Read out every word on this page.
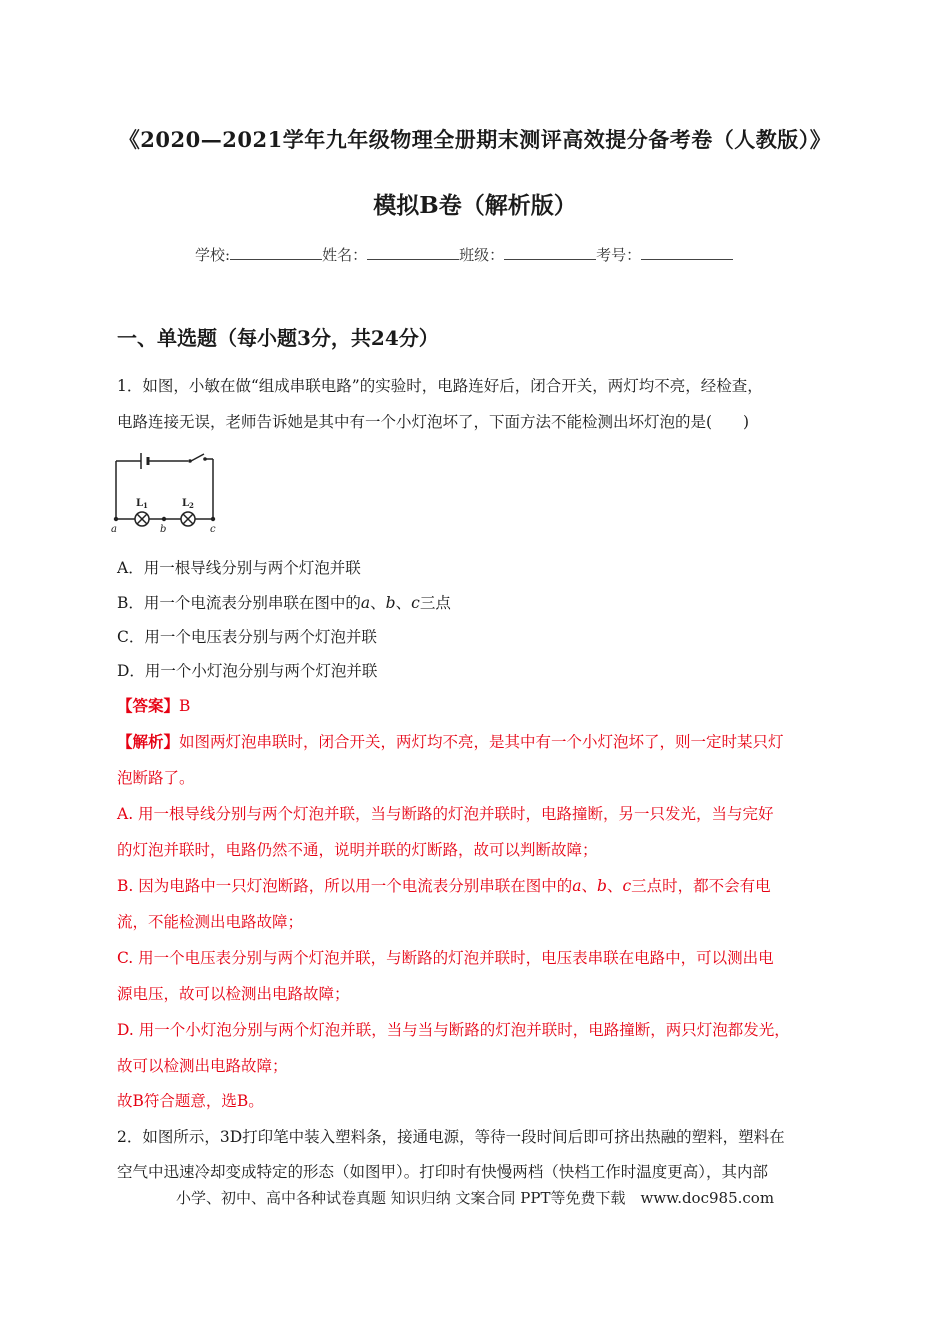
《2020—2021学年九年级物理全册期末测评高效提分备考卷（人教版）》
模拟B卷（解析版）
学校:	姓名：	班级：	考号：
一、单选题（每小题3分，共24分）
1．如图，小敏在做“组成串联电路”的实验时，电路连好后，闭合开关，两灯均不亮，经检查，
电路连接无误，老师告诉她是其中有一个小灯泡坏了，下面方法不能检测出坏灯泡的是(　　)
$L_1$	$L_2$
a	b	c
A．用一根导线分别与两个灯泡并联
B．用一个电流表分别串联在图中的a、b、c三点
C．用一个电压表分别与两个灯泡并联
D．用一个小灯泡分别与两个灯泡并联
【答案】B
【解析】如图两灯泡串联时，闭合开关，两灯均不亮，是其中有一个小灯泡坏了，则一定时某只灯
泡断路了。
A. 用一根导线分别与两个灯泡并联，当与断路的灯泡并联时，电路撞断，另一只发光，当与完好
的灯泡并联时，电路仍然不通，说明并联的灯断路，故可以判断故障；
B. 因为电路中一只灯泡断路，所以用一个电流表分别串联在图中的a、b、c三点时，都不会有电
流，不能检测出电路故障；
C. 用一个电压表分别与两个灯泡并联，与断路的灯泡并联时，电压表串联在电路中，可以测出电
源电压，故可以检测出电路故障；
D. 用一个小灯泡分别与两个灯泡并联，当与当与断路的灯泡并联时，电路撞断，两只灯泡都发光，
故可以检测出电路故障；
故B符合题意，选B。
2．如图所示，3D打印笔中装入塑料条，接通电源，等待一段时间后即可挤出热融的塑料，塑料在
空气中迅速冷却变成特定的形态（如图甲）。打印时有快慢两档（快档工作时温度更高），其内部
小学、初中、高中各种试卷真题 知识归纳 文案合同 PPT等免费下载　www.doc985.com
